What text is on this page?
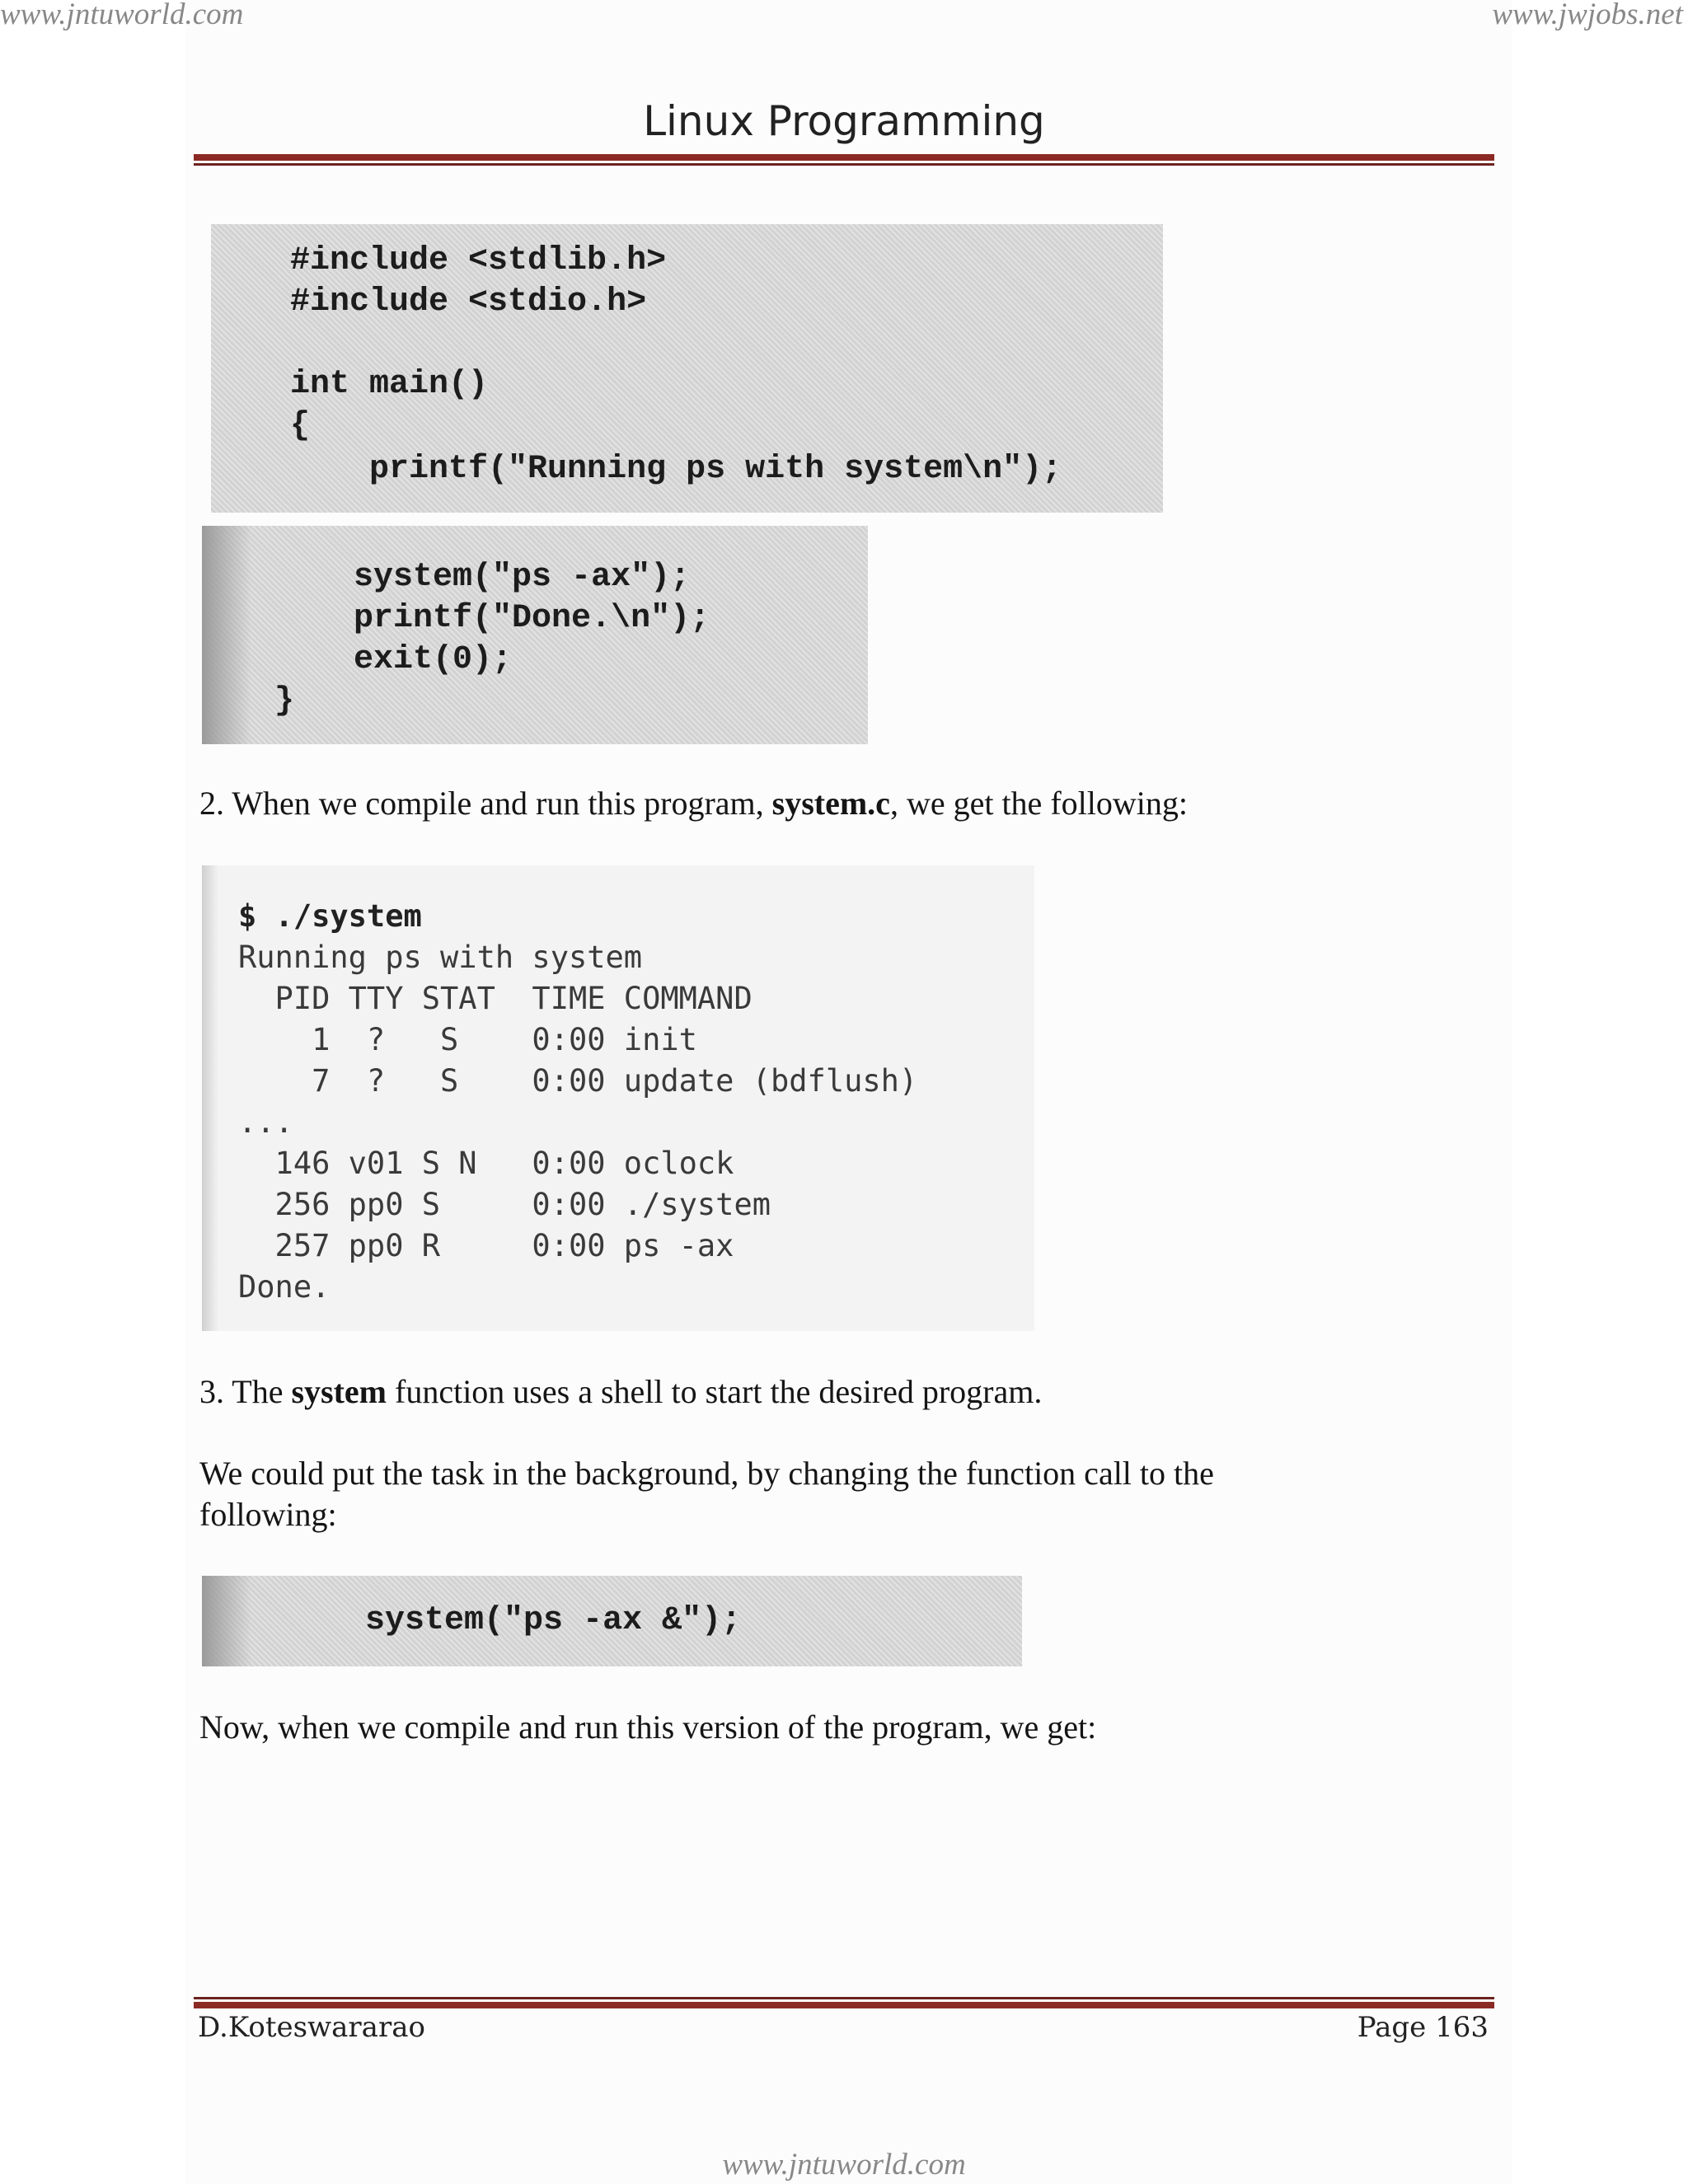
www.jntuworld.com	www.jwjobs.net
Linux Programming

#include <stdlib.h>

#include <stdio.h>

int main()

{

printf("Running ps with system\n");

system("ps -ax");

printf("Done.\n");

exit(0);

}

2. When we compile and run this program, system.c, we get the following:

$ ./system

Running ps with system

PID TTY STAT  TIME COMMAND

1  ?   S    0:00 init

7  ?   S    0:00 update (bdflush)

...

146 v01 S N   0:00 oclock

256 pp0 S     0:00 ./system

257 pp0 R     0:00 ps -ax

Done.

3. The system function uses a shell to start the desired program.
We could put the task in the background, by changing the function call to the
following:

system("ps -ax &");

Now, when we compile and run this version of the program, we get:
D.Koteswararao	Page 163
www.jntuworld.com
